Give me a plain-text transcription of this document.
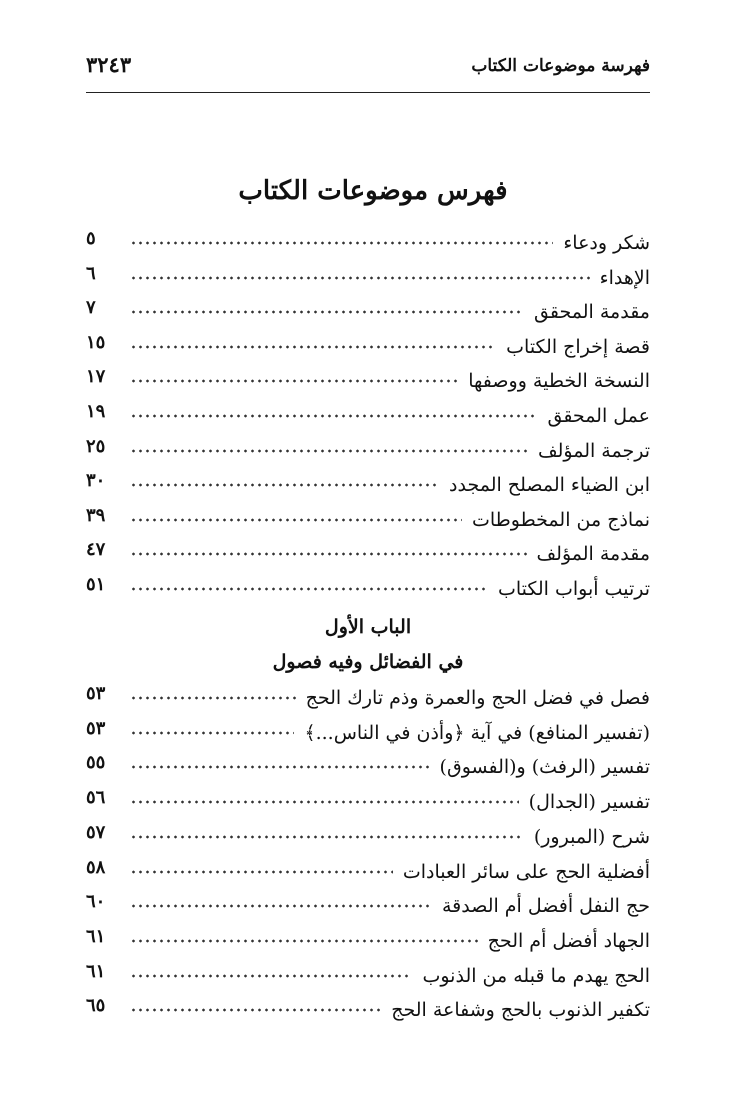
فهرسة موضوعات الكتاب
٣٢٤٣
فهرس موضوعات الكتاب
الباب الأول
في الفضائل وفيه فصول
شكر ودعاء
٥
الإهداء
٦
مقدمة المحقق
٧
قصة إخراج الكتاب
١٥
النسخة الخطية ووصفها
١٧
عمل المحقق
١٩
ترجمة المؤلف
٢٥
ابن الضياء المصلح المجدد
٣٠
نماذج من المخطوطات
٣٩
مقدمة المؤلف
٤٧
ترتيب أبواب الكتاب
٥١
فصل في فضل الحج والعمرة وذم تارك الحج
٥٣
(تفسير المنافع) في آية ﴿وأذن في الناس...﴾
٥٣
تفسير (الرفث) و(الفسوق)
٥٥
تفسير (الجدال)
٥٦
شرح (المبرور)
٥٧
أفضلية الحج على سائر العبادات
٥٨
حج النفل أفضل أم الصدقة
٦٠
الجهاد أفضل أم الحج
٦١
الحج يهدم ما قبله من الذنوب
٦١
تكفير الذنوب بالحج وشفاعة الحج
٦٥
